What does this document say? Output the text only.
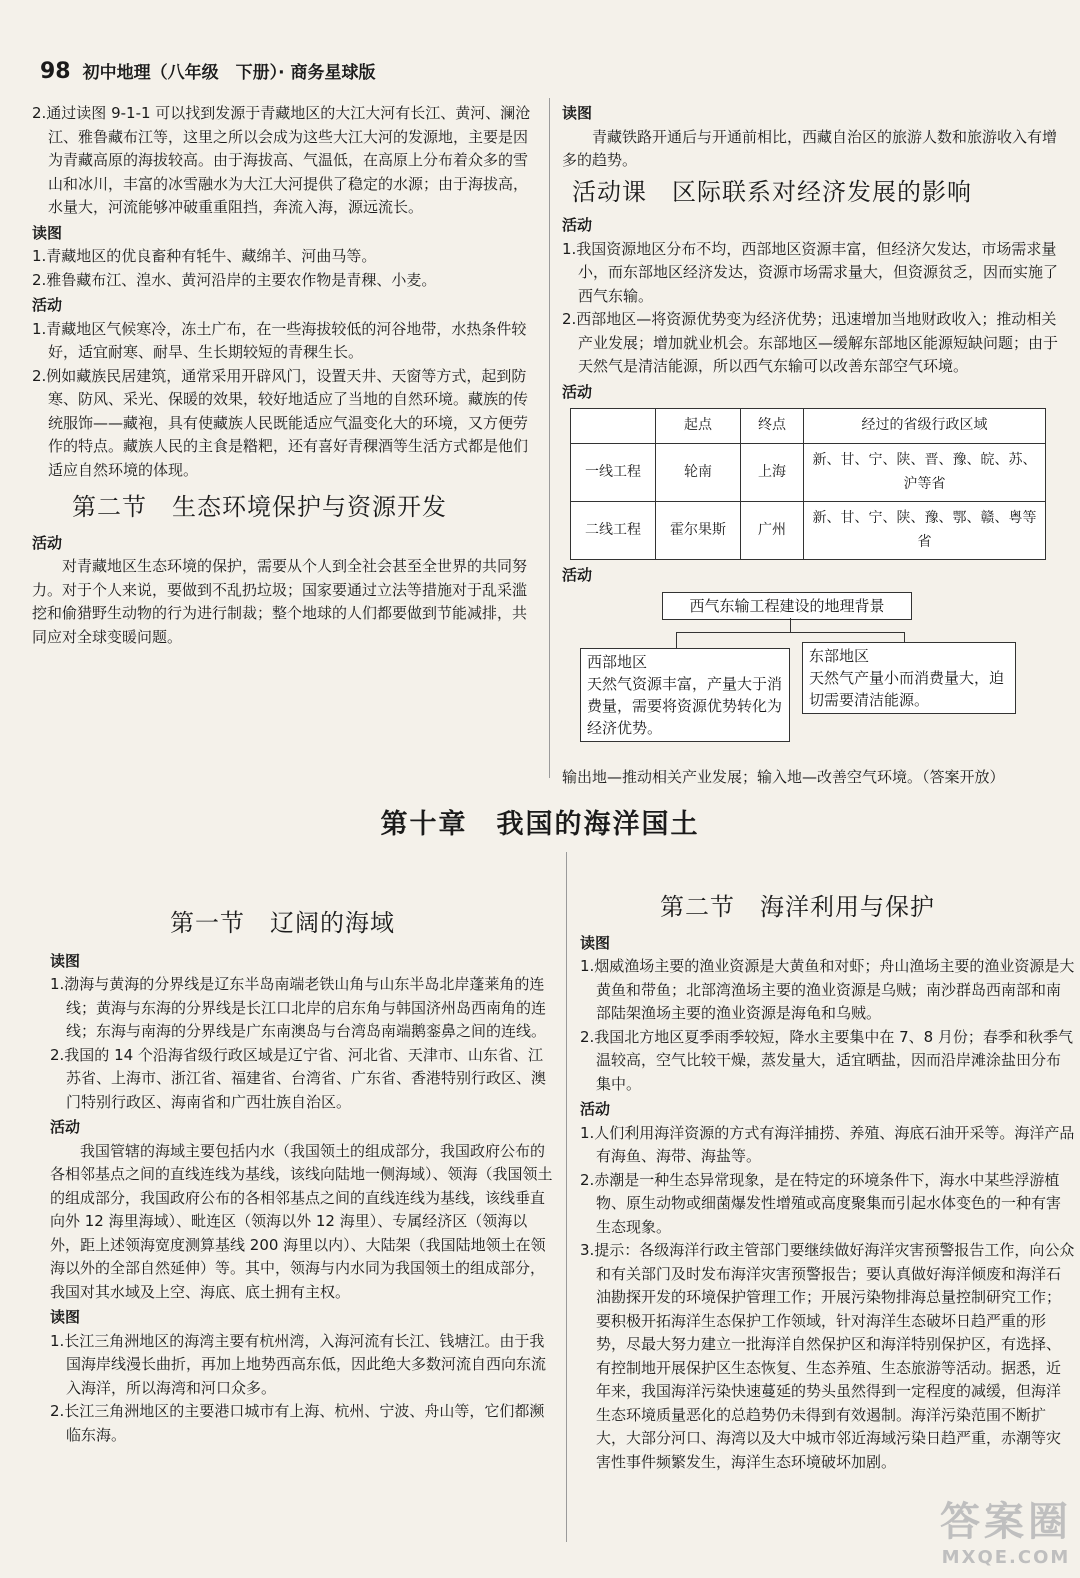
98 初中地理（八年级　下册）· 商务星球版

2.通过读图 9-1-1 可以找到发源于青藏地区的大江大河有长江、黄河、澜沧江、雅鲁藏布江等，这里之所以会成为这些大江大河的发源地，主要是因为青藏高原的海拔较高。由于海拔高、气温低，在高原上分布着众多的雪山和冰川，丰富的冰雪融水为大江大河提供了稳定的水源；由于海拔高，水量大，河流能够冲破重重阻挡，奔流入海，源远流长。

读图

1.青藏地区的优良畜种有牦牛、藏绵羊、河曲马等。

2.雅鲁藏布江、湟水、黄河沿岸的主要农作物是青稞、小麦。

活动

1.青藏地区气候寒冷，冻土广布，在一些海拔较低的河谷地带，水热条件较好，适宜耐寒、耐旱、生长期较短的青稞生长。

2.例如藏族民居建筑，通常采用开辟风门，设置天井、天窗等方式，起到防寒、防风、采光、保暖的效果，较好地适应了当地的自然环境。藏族的传统服饰——藏袍，具有使藏族人民既能适应气温变化大的环境，又方便劳作的特点。藏族人民的主食是糌粑，还有喜好青稞酒等生活方式都是他们适应自然环境的体现。

第二节　生态环境保护与资源开发

活动

对青藏地区生态环境的保护，需要从个人到全社会甚至全世界的共同努力。对于个人来说，要做到不乱扔垃圾；国家要通过立法等措施对于乱采滥挖和偷猎野生动物的行为进行制裁；整个地球的人们都要做到节能减排，共同应对全球变暖问题。

读图

青藏铁路开通后与开通前相比，西藏自治区的旅游人数和旅游收入有增多的趋势。

活动课　区际联系对经济发展的影响

活动

1.我国资源地区分布不均，西部地区资源丰富，但经济欠发达，市场需求量小，而东部地区经济发达，资源市场需求量大，但资源贫乏，因而实施了西气东输。

2.西部地区—将资源优势变为经济优势；迅速增加当地财政收入；推动相关产业发展；增加就业机会。东部地区—缓解东部地区能源短缺问题；由于天然气是清洁能源，所以西气东输可以改善东部空气环境。

活动

	起点	终点	经过的省级行政区域
一线工程	轮南	上海	新、甘、宁、陕、晋、豫、皖、苏、沪等省
二线工程	霍尔果斯	广州	新、甘、宁、陕、豫、鄂、赣、粤等省

活动

西气东输工程建设的地理背景
西部地区
天然气资源丰富，产量大于消费量，需要将资源优势转化为经济优势。
东部地区
天然气产量小而消费量大，迫切需要清洁能源。

输出地—推动相关产业发展；输入地—改善空气环境。（答案开放）

第十章　我国的海洋国土
第一节　辽阔的海域

读图

1.渤海与黄海的分界线是辽东半岛南端老铁山角与山东半岛北岸蓬莱角的连线；黄海与东海的分界线是长江口北岸的启东角与韩国济州岛西南角的连线；东海与南海的分界线是广东南澳岛与台湾岛南端鹅銮鼻之间的连线。

2.我国的 14 个沿海省级行政区域是辽宁省、河北省、天津市、山东省、江苏省、上海市、浙江省、福建省、台湾省、广东省、香港特别行政区、澳门特别行政区、海南省和广西壮族自治区。

活动

我国管辖的海域主要包括内水（我国领土的组成部分，我国政府公布的各相邻基点之间的直线连线为基线，该线向陆地一侧海域）、领海（我国领土的组成部分，我国政府公布的各相邻基点之间的直线连线为基线，该线垂直向外 12 海里海域）、毗连区（领海以外 12 海里）、专属经济区（领海以外，距上述领海宽度测算基线 200 海里以内）、大陆架（我国陆地领土在领海以外的全部自然延伸）等。其中，领海与内水同为我国领土的组成部分，我国对其水域及上空、海底、底土拥有主权。

读图

1.长江三角洲地区的海湾主要有杭州湾，入海河流有长江、钱塘江。由于我国海岸线漫长曲折，再加上地势西高东低，因此绝大多数河流自西向东流入海洋，所以海湾和河口众多。

2.长江三角洲地区的主要港口城市有上海、杭州、宁波、舟山等，它们都濒临东海。

第二节　海洋利用与保护

读图

1.烟威渔场主要的渔业资源是大黄鱼和对虾；舟山渔场主要的渔业资源是大黄鱼和带鱼；北部湾渔场主要的渔业资源是乌贼；南沙群岛西南部和南部陆架渔场主要的渔业资源是海龟和乌贼。

2.我国北方地区夏季雨季较短，降水主要集中在 7、8 月份；春季和秋季气温较高，空气比较干燥，蒸发量大，适宜晒盐，因而沿岸滩涂盐田分布集中。

活动

1.人们利用海洋资源的方式有海洋捕捞、养殖、海底石油开采等。海洋产品有海鱼、海带、海盐等。

2.赤潮是一种生态异常现象，是在特定的环境条件下，海水中某些浮游植物、原生动物或细菌爆发性增殖或高度聚集而引起水体变色的一种有害生态现象。

3.提示：各级海洋行政主管部门要继续做好海洋灾害预警报告工作，向公众和有关部门及时发布海洋灾害预警报告；要认真做好海洋倾废和海洋石油勘探开发的环境保护管理工作；开展污染物排海总量控制研究工作；要积极开拓海洋生态保护工作领域，针对海洋生态破坏日趋严重的形势，尽最大努力建立一批海洋自然保护区和海洋特别保护区，有选择、有控制地开展保护区生态恢复、生态养殖、生态旅游等活动。据悉，近年来，我国海洋污染快速蔓延的势头虽然得到一定程度的减缓，但海洋生态环境质量恶化的总趋势仍未得到有效遏制。海洋污染范围不断扩大，大部分河口、海湾以及大中城市邻近海域污染日趋严重，赤潮等灾害性事件频繁发生，海洋生态环境破坏加剧。

答案圈
MXQE.COM
